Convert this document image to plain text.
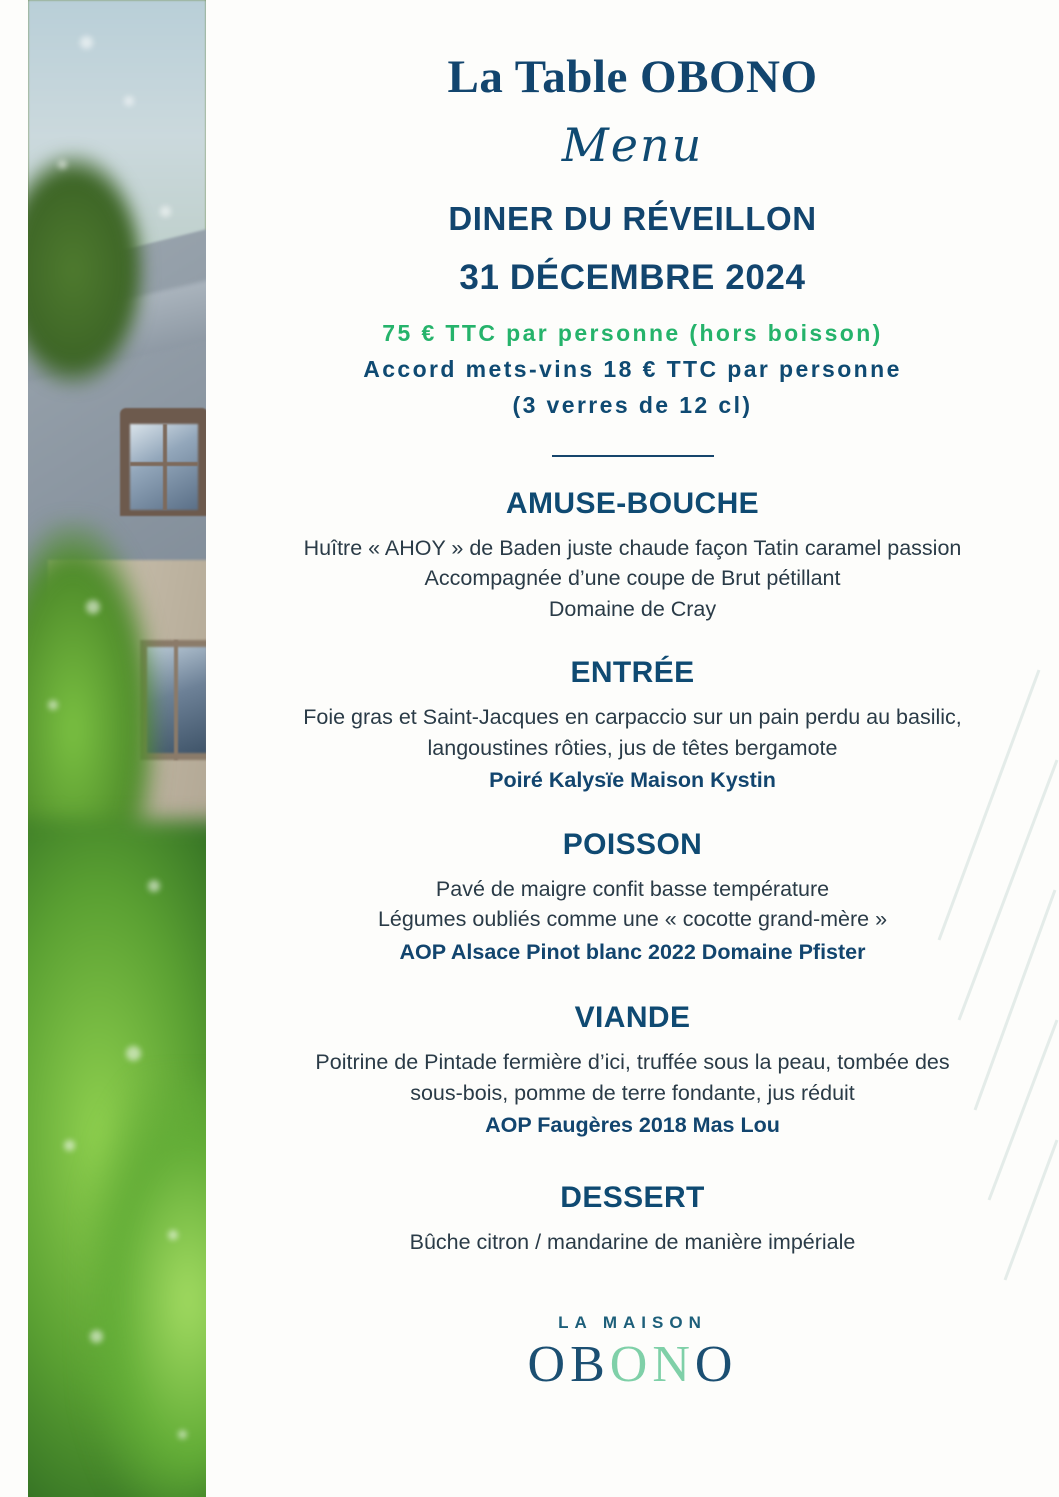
La Table OBONO
Menu
DINER DU RÉVEILLON
31 DÉCEMBRE 2024
75 € TTC par personne (hors boisson)
Accord mets-vins 18 € TTC par personne
(3 verres de 12 cl)
AMUSE-BOUCHE
Huître « AHOY » de Baden juste chaude façon Tatin caramel passion
Accompagnée d’une coupe de Brut pétillant
Domaine de Cray
ENTRÉE
Foie gras et Saint-Jacques en carpaccio sur un pain perdu au basilic,
langoustines rôties, jus de têtes bergamote
Poiré Kalysïe Maison Kystin
POISSON
Pavé de maigre confit basse température
Légumes oubliés comme une « cocotte grand-mère »
AOP Alsace Pinot blanc 2022 Domaine Pfister
VIANDE
Poitrine de Pintade fermière d’ici, truffée sous la peau, tombée des
sous-bois, pomme de terre fondante, jus réduit
AOP Faugères 2018 Mas Lou
DESSERT
Bûche citron / mandarine de manière impériale
LA MAISON
OBONO
